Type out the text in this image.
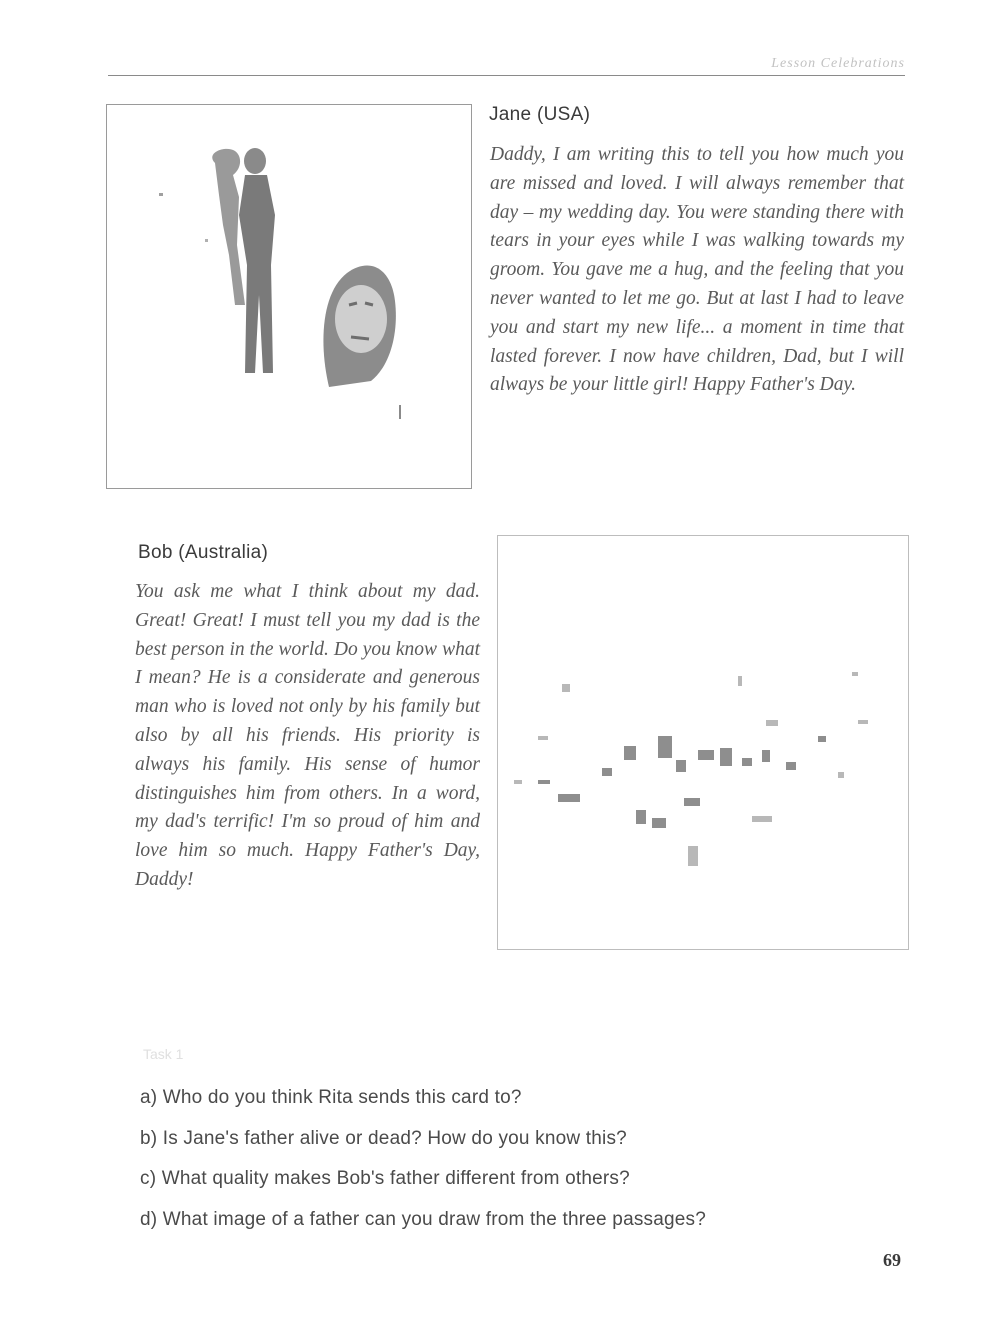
Lesson Celebrations
Jane (USA)

Daddy, I am writing this to tell you how much you are missed and loved. I will always remember that day – my wedding day. You were standing there with tears in your eyes while I was walking towards my groom. You gave me a hug, and the feeling that you never wanted to let me go. But at last I had to leave you and start my new life... a moment in time that lasted forever. I now have children, Dad, but I will always be your little girl! Happy Father's Day.

Bob (Australia)

You ask me what I think about my dad. Great! Great! I must tell you my dad is the best person in the world. Do you know what I mean? He is a considerate and generous man who is loved not only by his family but also by all his friends. His priority is always his family. His sense of humor distinguishes him from others. In a word, my dad's terrific! I'm so proud of him and love him so much. Happy Father's Day, Daddy!

Task 1
a) Who do you think Rita sends this card to?
b) Is Jane's father alive or dead? How do you know this?
c) What quality makes Bob's father different from others?
d) What image of a father can you draw from the three passages?
69
